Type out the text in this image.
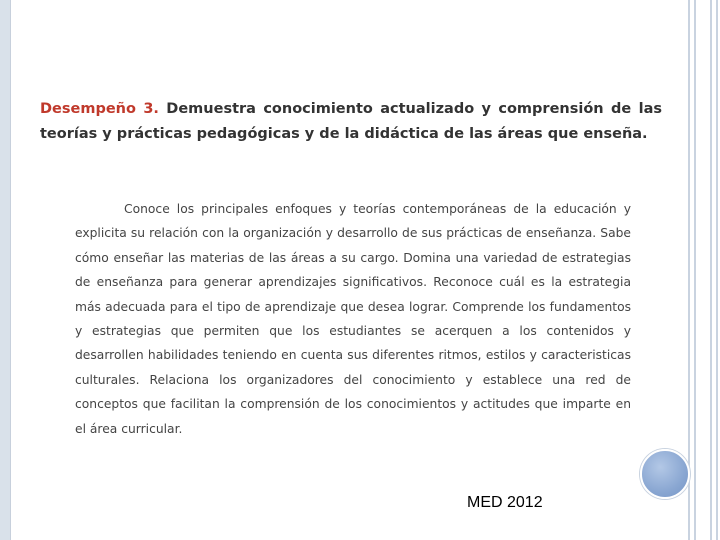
Desempeño 3. Demuestra conocimiento actualizado y comprensión de las teorías y prácticas pedagógicas y de la didáctica de las áreas que enseña.
Conoce los principales enfoques y teorías contemporáneas de la educación y explicita su relación con la organización y desarrollo de sus prácticas de enseñanza. Sabe cómo enseñar las materias de las áreas a su cargo. Domina una variedad de estrategias de enseñanza para generar aprendizajes significativos. Reconoce cuál es la estrategia más adecuada para el tipo de aprendizaje que desea lograr. Comprende los fundamentos y estrategias que permiten que los estudiantes se acerquen a los contenidos y desarrollen habilidades teniendo en cuenta sus diferentes ritmos, estilos y caracteristicas culturales. Relaciona los organizadores del conocimiento y establece una red de conceptos que facilitan la comprensión de los conocimientos y actitudes que imparte en el área curricular.
MED 2012
